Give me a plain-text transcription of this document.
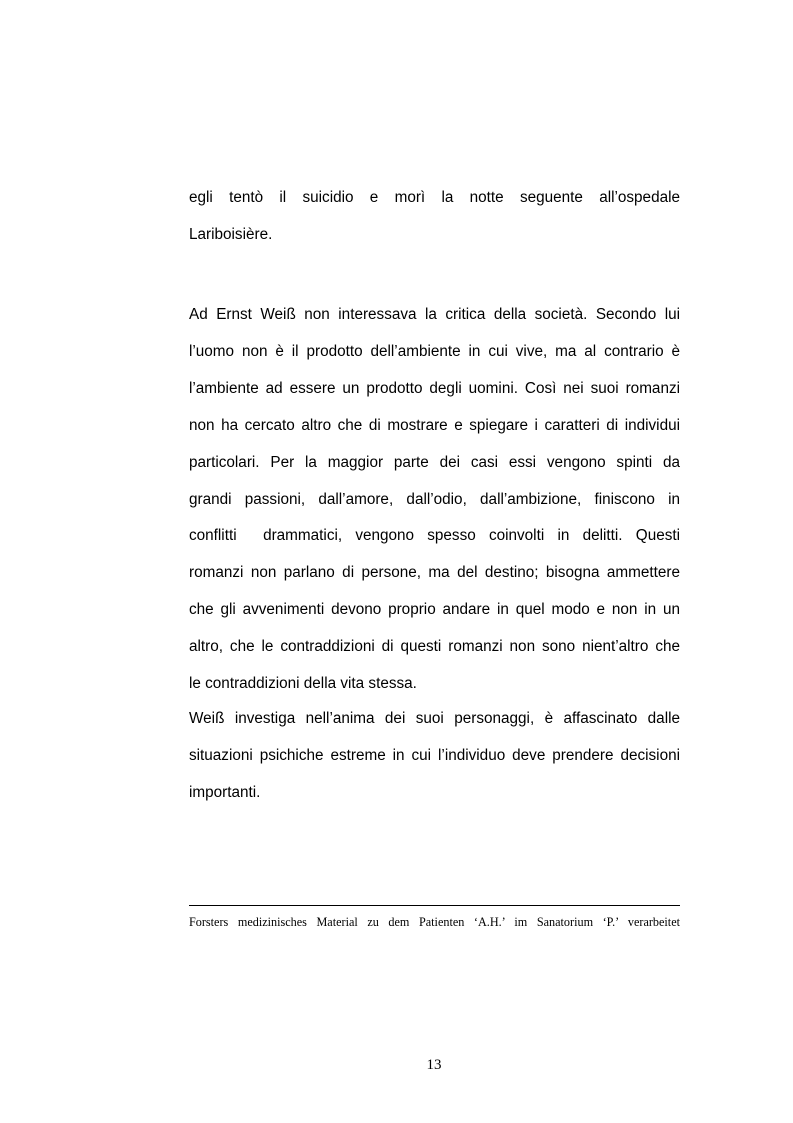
egli tentò il suicidio e morì la notte seguente all’ospedale
Lariboisière.
Ad Ernst Weiß non interessava la critica della società. Secondo lui
l’uomo non è il prodotto dell’ambiente in cui vive, ma al contrario è
l’ambiente ad essere un prodotto degli uomini. Così nei suoi romanzi
non ha cercato altro che di mostrare e spiegare i caratteri di individui
particolari. Per la maggior parte dei casi essi vengono spinti da
grandi passioni, dall’amore, dall’odio, dall’ambizione, finiscono in
conflitti  drammatici, vengono spesso coinvolti in delitti. Questi
romanzi non parlano di persone, ma del destino; bisogna ammettere
che gli avvenimenti devono proprio andare in quel modo e non in un
altro, che le contraddizioni di questi romanzi non sono nient’altro che
le contraddizioni della vita stessa.
Weiß investiga nell’anima dei suoi personaggi, è affascinato dalle
situazioni psichiche estreme in cui l’individuo deve prendere decisioni
importanti.
Forsters medizinisches Material zu dem Patienten ‘A.H.’ im Sanatorium ‘P.’ verarbeitet
13
